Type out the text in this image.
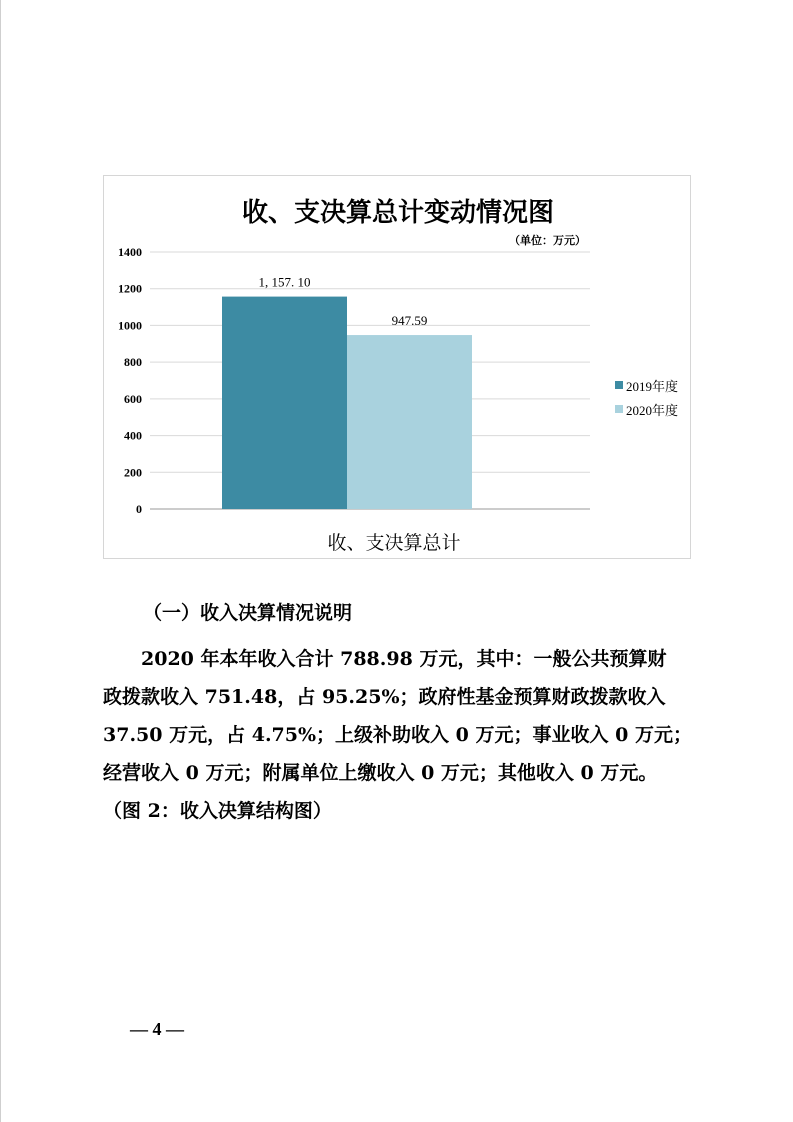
0
200
400
600
800
1000
1200
1400
1, 157. 10
947.59
收、支决算总计变动情况图
（单位：万元）
收、支决算总计
2019年度
2020年度
（一）收入决算情况说明
2020 年本年收入合计 788.98 万元，其中：一般公共预算财
政拨款收入 751.48，占 95.25%；政府性基金预算财政拨款收入
37.50 万元，占 4.75%；上级补助收入 0 万元；事业收入 0 万元；
经营收入 0 万元；附属单位上缴收入 0 万元；其他收入 0 万元。
（图 2：收入决算结构图）
— 4 —
